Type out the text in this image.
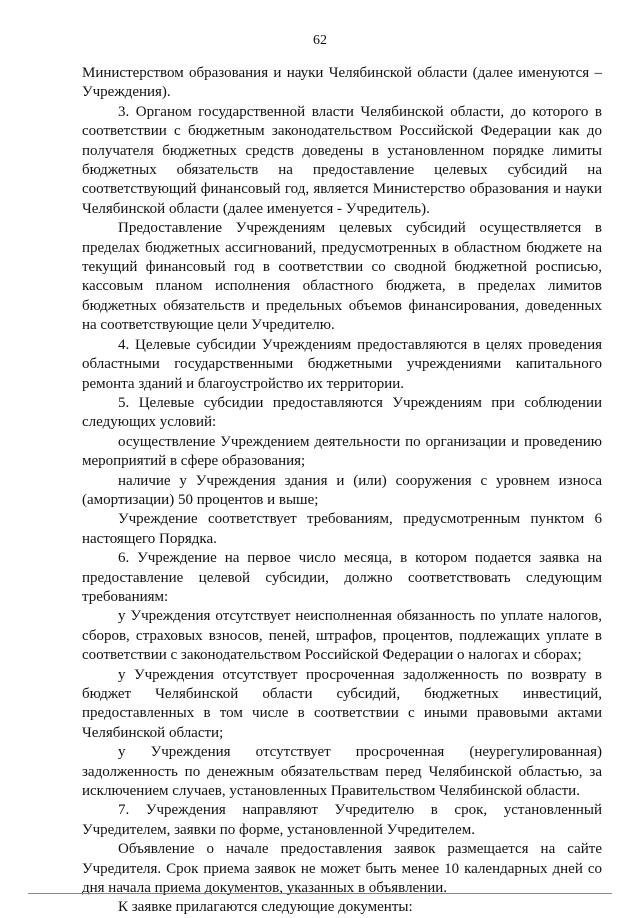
62

Министерством образования и науки Челябинской области (далее именуются – Учреждения).

3. Органом государственной власти Челябинской области, до которого в соответствии с бюджетным законодательством Российской Федерации как до получателя бюджетных средств доведены в установленном порядке лимиты бюджетных обязательств на предоставление целевых субсидий на соответствующий финансовый год, является Министерство образования и науки Челябинской области (далее именуется - Учредитель).

Предоставление Учреждениям целевых субсидий осуществляется в пределах бюджетных ассигнований, предусмотренных в областном бюджете на текущий финансовый год в соответствии со сводной бюджетной росписью, кассовым планом исполнения областного бюджета, в пределах лимитов бюджетных обязательств и предельных объемов финансирования, доведенных на соответствующие цели Учредителю.

4. Целевые субсидии Учреждениям предоставляются в целях проведения областными государственными бюджетными учреждениями капитального ремонта зданий и благоустройство их территории.

5. Целевые субсидии предоставляются Учреждениям при соблюдении следующих условий:

осуществление Учреждением деятельности по организации и проведению мероприятий в сфере образования;

наличие у Учреждения здания и (или) сооружения с уровнем износа (амортизации) 50 процентов и выше;

Учреждение соответствует требованиям, предусмотренным пунктом 6 настоящего Порядка.

6. Учреждение на первое число месяца, в котором подается заявка на предоставление целевой субсидии, должно соответствовать следующим требованиям:

у Учреждения отсутствует неисполненная обязанность по уплате налогов, сборов, страховых взносов, пеней, штрафов, процентов, подлежащих уплате в соответствии с законодательством Российской Федерации о налогах и сборах;

у Учреждения отсутствует просроченная задолженность по возврату в бюджет Челябинской области субсидий, бюджетных инвестиций, предоставленных в том числе в соответствии с иными правовыми актами Челябинской области;

у Учреждения отсутствует просроченная (неурегулированная) задолженность по денежным обязательствам перед Челябинской областью, за исключением случаев, установленных Правительством Челябинской области.

7. Учреждения направляют Учредителю в срок, установленный Учредителем, заявки по форме, установленной Учредителем.

Объявление о начале предоставления заявок размещается на сайте Учредителя. Срок приема заявок не может быть менее 10 календарных дней со дня начала приема документов, указанных в объявлении.

К заявке прилагаются следующие документы:
